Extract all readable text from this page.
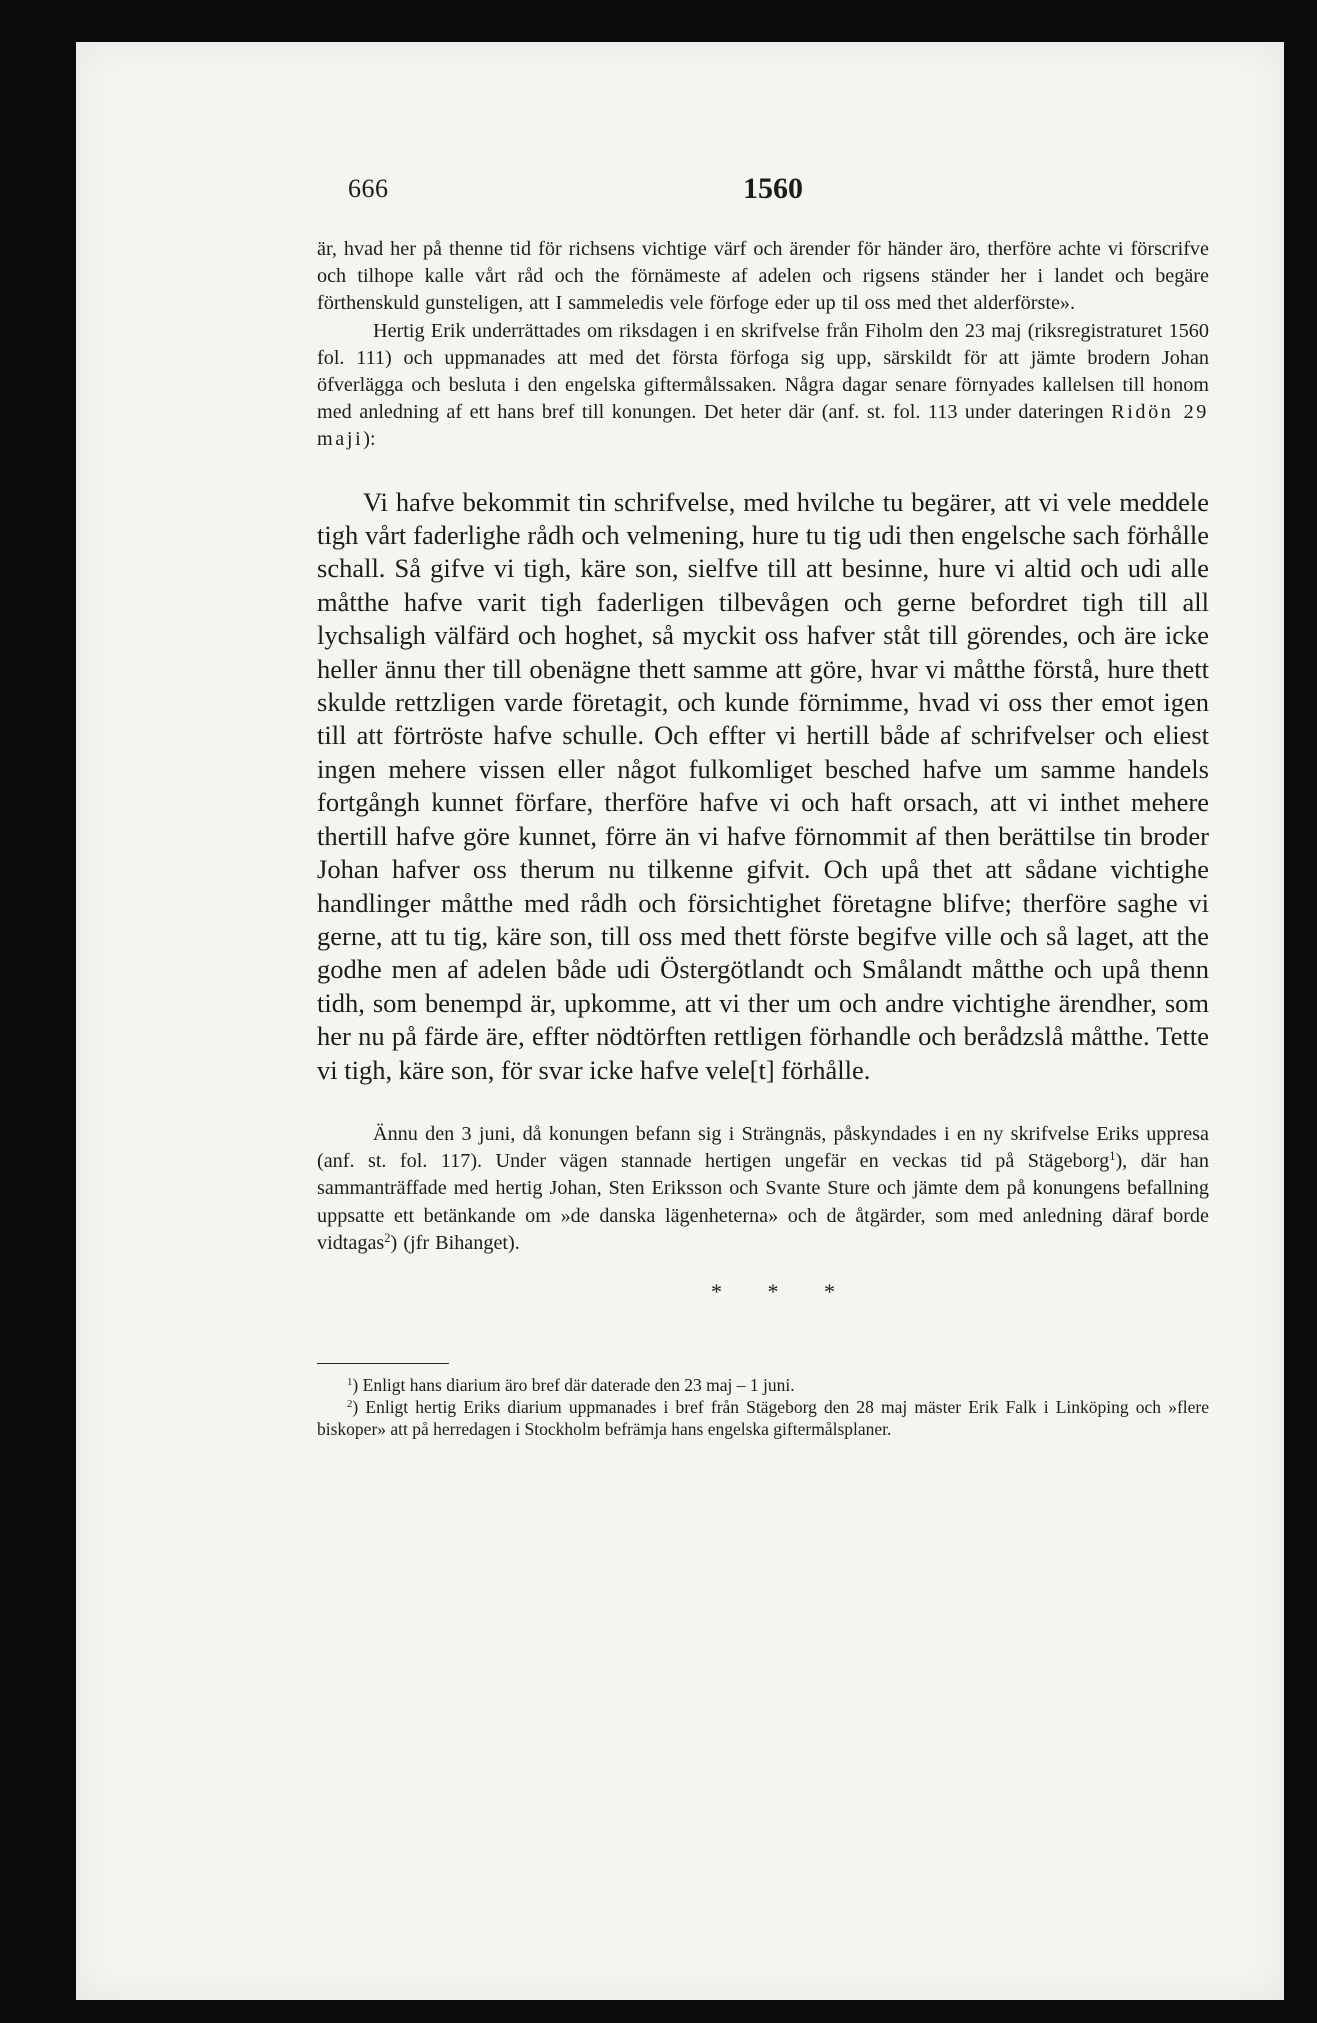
666	1560

är, hvad her på thenne tid för richsens vichtige värf och ärender för händer äro, therföre achte vi förscrifve och tilhope kalle vårt råd och the förnämeste af adelen och rigsens ständer her i landet och begäre förthenskuld gunsteligen, att I sammeledis vele förfoge eder up til oss med thet alderförste».

Hertig Erik underrättades om riksdagen i en skrifvelse från Fiholm den 23 maj (riksregistraturet 1560 fol. 111) och uppmanades att med det första förfoga sig upp, särskildt för att jämte brodern Johan öfverlägga och besluta i den engelska giftermålssaken. Några dagar senare förnyades kallelsen till honom med anledning af ett hans bref till konungen. Det heter där (anf. st. fol. 113 under dateringen Ridön 29 maji):

Vi hafve bekommit tin schrifvelse, med hvilche tu begärer, att vi vele meddele tigh vårt faderlighe rådh och velmening, hure tu tig udi then engelsche sach förhålle schall. Så gifve vi tigh, käre son, sielfve till att besinne, hure vi altid och udi alle måtthe hafve varit tigh faderligen tilbevågen och gerne befordret tigh till all lychsaligh välfärd och hoghet, så myckit oss hafver ståt till görendes, och äre icke heller ännu ther till obenägne thett samme att göre, hvar vi måtthe förstå, hure thett skulde rettzligen varde företagit, och kunde förnimme, hvad vi oss ther emot igen till att förtröste hafve schulle. Och effter vi hertill både af schrifvelser och eliest ingen mehere vissen eller något fulkomliget besched hafve um samme handels fortgångh kunnet förfare, therföre hafve vi och haft orsach, att vi inthet mehere thertill hafve göre kunnet, förre än vi hafve förnommit af then berättilse tin broder Johan hafver oss therum nu tilkenne gifvit. Och upå thet att sådane vichtighe handlinger måtthe med rådh och försichtighet företagne blifve; therföre saghe vi gerne, att tu tig, käre son, till oss med thett förste begifve ville och så laget, att the godhe men af adelen både udi Östergötlandt och Smålandt måtthe och upå thenn tidh, som benempd är, upkomme, att vi ther um och andre vichtighe ärendher, som her nu på färde äre, effter nödtörften rettligen förhandle och berådzslå måtthe. Tette vi tigh, käre son, för svar icke hafve vele[t] förhålle.

Ännu den 3 juni, då konungen befann sig i Strängnäs, påskyndades i en ny skrifvelse Eriks uppresa (anf. st. fol. 117). Under vägen stannade hertigen ungefär en veckas tid på Stägeborg$^1$), där han sammanträffade med hertig Johan, Sten Eriksson och Svante Sture och jämte dem på konungens befallning uppsatte ett betänkande om »de danska lägenheterna» och de åtgärder, som med anledning däraf borde vidtagas$^2$) (jfr Bihanget).

* * *

$^1$) Enligt hans diarium äro bref där daterade den 23 maj – 1 juni.

$^2$) Enligt hertig Eriks diarium uppmanades i bref från Stägeborg den 28 maj mäster Erik Falk i Linköping och »flere biskoper» att på herredagen i Stockholm befrämja hans engelska giftermålsplaner.
